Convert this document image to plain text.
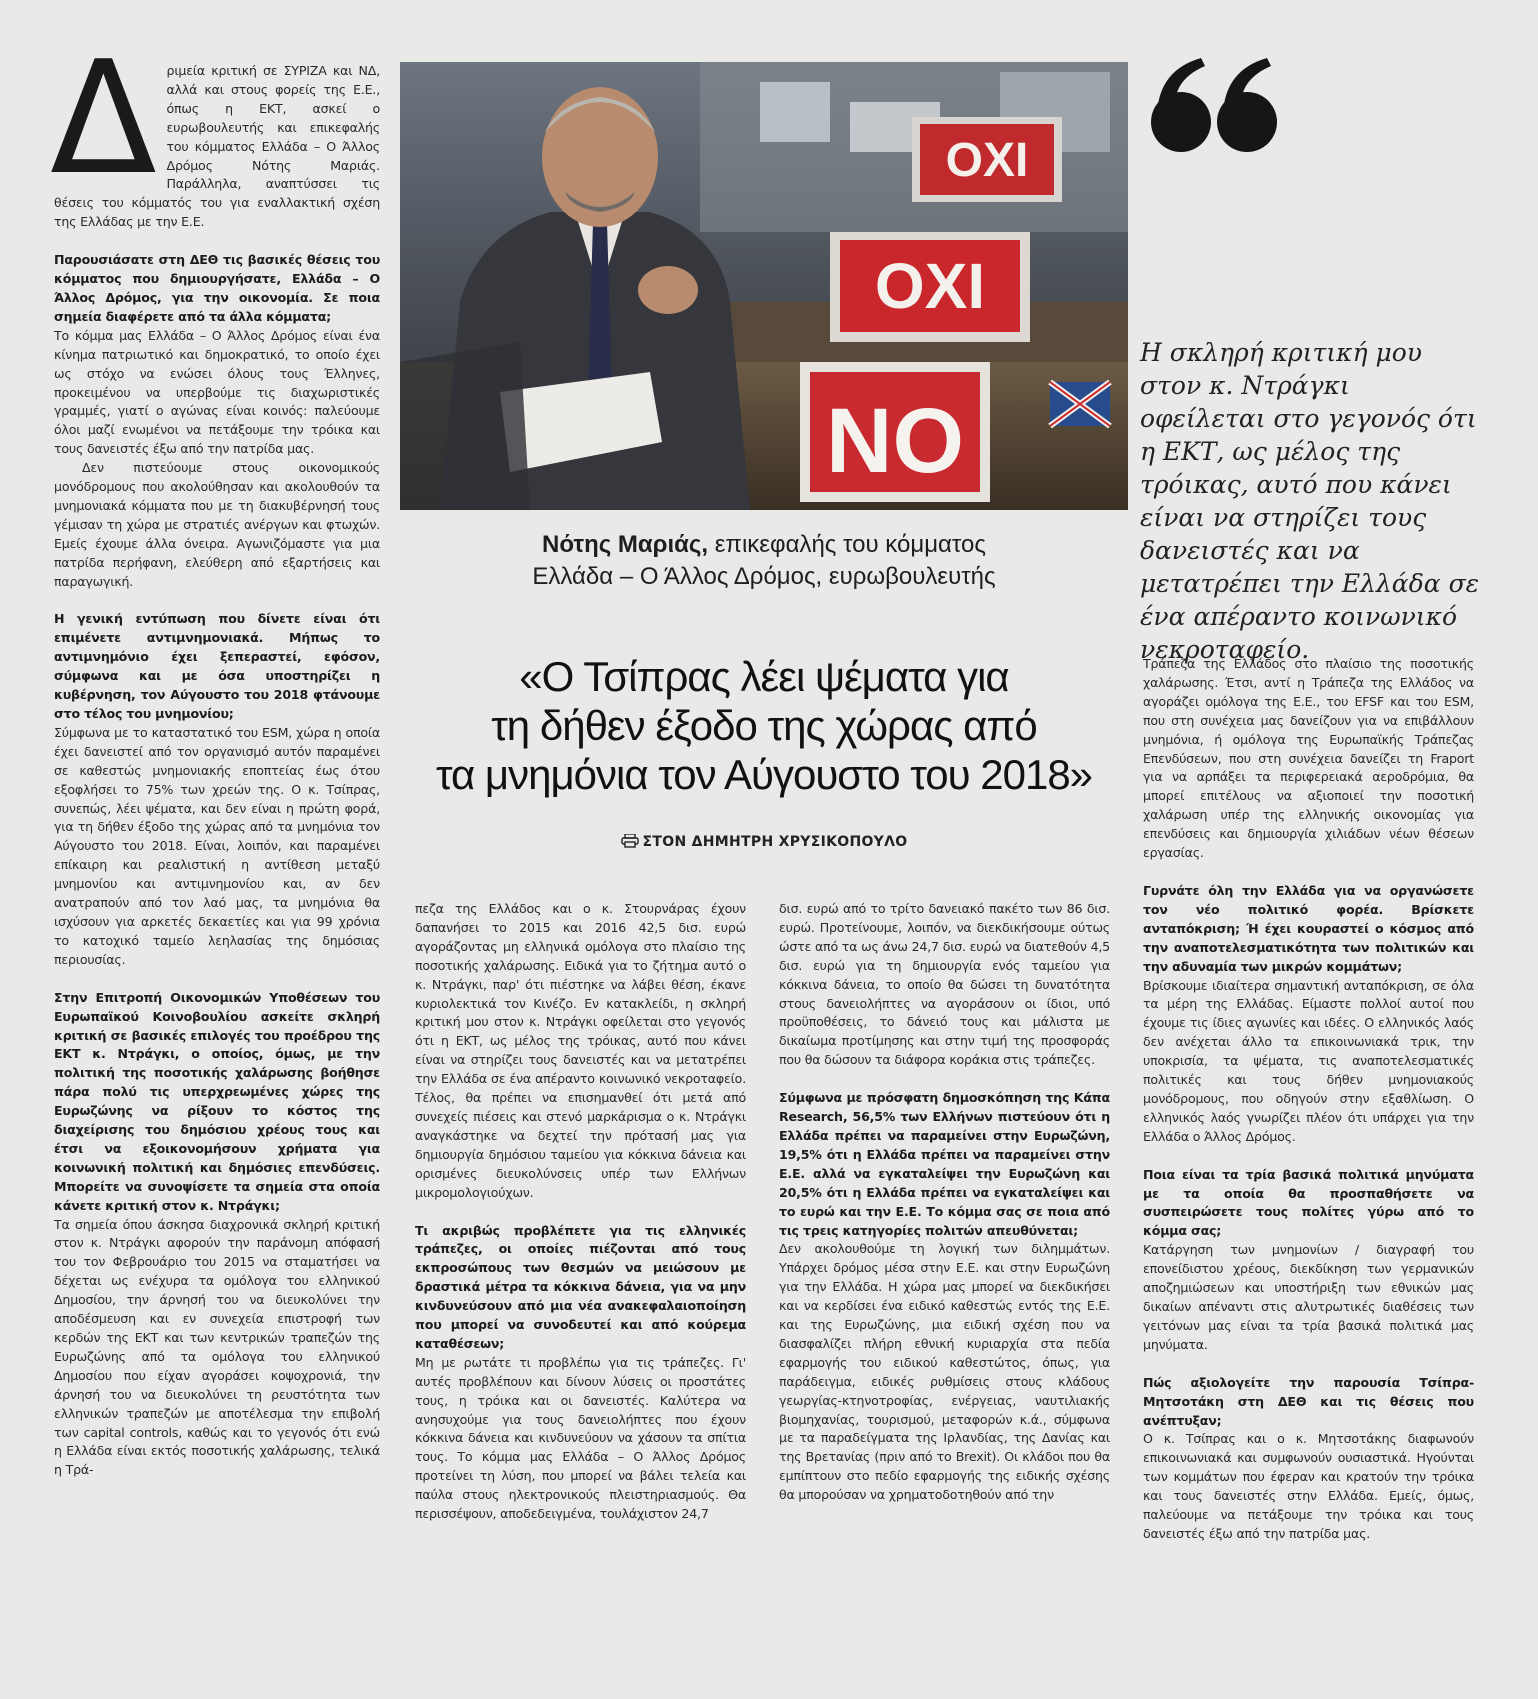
Δ ριμεία κριτική σε ΣΥΡΙΖΑ και ΝΔ, αλλά και στους φορείς της Ε.Ε., όπως η ΕΚΤ, ασκεί ο ευρωβουλευτής και επικεφαλής του κόμματος Ελλάδα – Ο Άλλος Δρόμος Νότης Μαριάς. Παράλληλα, αναπτύσσει τις θέσεις του κόμματός του για εναλλακτική σχέση της Ελλάδας με την Ε.Ε.

Παρουσιάσατε στη ΔΕΘ τις βασικές θέσεις του κόμματος που δημιουργήσατε, Ελλάδα – Ο Άλλος Δρόμος, για την οικονομία. Σε ποια σημεία διαφέρετε από τα άλλα κόμματα;

Το κόμμα μας Ελλάδα – Ο Άλλος Δρόμος είναι ένα κίνημα πατριωτικό και δημοκρατικό, το οποίο έχει ως στόχο να ενώσει όλους τους Έλληνες, προκειμένου να υπερβούμε τις διαχωριστικές γραμμές, γιατί ο αγώνας είναι κοινός: παλεύουμε όλοι μαζί ενωμένοι να πετάξουμε την τρόικα και τους δανειστές έξω από την πατρίδα μας.

Δεν πιστεύουμε στους οικονομικούς μονόδρομους που ακολούθησαν και ακολουθούν τα μνημονιακά κόμματα που με τη διακυβέρνησή τους γέμισαν τη χώρα με στρατιές ανέργων και φτωχών. Εμείς έχουμε άλλα όνειρα. Αγωνιζόμαστε για μια πατρίδα περήφανη, ελεύθερη από εξαρτήσεις και παραγωγική.

Η γενική εντύπωση που δίνετε είναι ότι επιμένετε αντιμνημονιακά. Μήπως το αντιμνημόνιο έχει ξεπεραστεί, εφόσον, σύμφωνα και με όσα υποστηρίζει η κυβέρνηση, τον Αύγουστο του 2018 φτάνουμε στο τέλος του μνημονίου;

Σύμφωνα με το καταστατικό του ESM, χώρα η οποία έχει δανειστεί από τον οργανισμό αυτόν παραμένει σε καθεστώς μνημονιακής εποπτείας έως ότου εξοφλήσει το 75% των χρεών της. Ο κ. Τσίπρας, συνεπώς, λέει ψέματα, και δεν είναι η πρώτη φορά, για τη δήθεν έξοδο της χώρας από τα μνημόνια τον Αύγουστο του 2018. Είναι, λοιπόν, και παραμένει επίκαιρη και ρεαλιστική η αντίθεση μεταξύ μνημονίου και αντιμνημονίου και, αν δεν ανατραπούν από τον λαό μας, τα μνημόνια θα ισχύσουν για αρκετές δεκαετίες και για 99 χρόνια το κατοχικό ταμείο λεηλασίας της δημόσιας περιουσίας.

Στην Επιτροπή Οικονομικών Υποθέσεων του Ευρωπαϊκού Κοινοβουλίου ασκείτε σκληρή κριτική σε βασικές επιλογές του προέδρου της ΕΚΤ κ. Ντράγκι, ο οποίος, όμως, με την πολιτική της ποσοτικής χαλάρωσης βοήθησε πάρα πολύ τις υπερχρεωμένες χώρες της Ευρωζώνης να ρίξουν το κόστος της διαχείρισης του δημόσιου χρέους τους και έτσι να εξοικονομήσουν χρήματα για κοινωνική πολιτική και δημόσιες επενδύσεις. Μπορείτε να συνοψίσετε τα σημεία στα οποία κάνετε κριτική στον κ. Ντράγκι;

Τα σημεία όπου άσκησα διαχρονικά σκληρή κριτική στον κ. Ντράγκι αφορούν την παράνομη απόφασή του τον Φεβρουάριο του 2015 να σταματήσει να δέχεται ως ενέχυρα τα ομόλογα του ελληνικού Δημοσίου, την άρνησή του να διευκολύνει την αποδέσμευση και εν συνεχεία επιστροφή των κερδών της ΕΚΤ και των κεντρικών τραπεζών της Ευρωζώνης από τα ομόλογα του ελληνικού Δημοσίου που είχαν αγοράσει κοψοχρονιά, την άρνησή του να διευκολύνει τη ρευστότητα των ελληνικών τραπεζών με αποτέλεσμα την επιβολή των capital controls, καθώς και το γεγονός ότι ενώ η Ελλάδα είναι εκτός ποσοτικής χαλάρωσης, τελικά η Τρά-

OXI
OXI
NO
Νότης Μαριάς, επικεφαλής του κόμματος
Ελλάδα – Ο Άλλος Δρόμος, ευρωβουλευτής
«Ο Τσίπρας λέει ψέματα για
τη δήθεν έξοδο της χώρας από
τα μνημόνια τον Αύγουστο του 2018»
ΣΤΟΝ ΔΗΜΗΤΡΗ ΧΡΥΣΙΚΟΠΟΥΛΟ

πεζα της Ελλάδος και ο κ. Στουρνάρας έχουν δαπανήσει το 2015 και 2016 42,5 δισ. ευρώ αγοράζοντας μη ελληνικά ομόλογα στο πλαίσιο της ποσοτικής χαλάρωσης. Ειδικά για το ζήτημα αυτό ο κ. Ντράγκι, παρ' ότι πιέστηκε να λάβει θέση, έκανε κυριολεκτικά τον Κινέζο. Εν κατακλείδι, η σκληρή κριτική μου στον κ. Ντράγκι οφείλεται στο γεγονός ότι η ΕΚΤ, ως μέλος της τρόικας, αυτό που κάνει είναι να στηρίζει τους δανειστές και να μετατρέπει την Ελλάδα σε ένα απέραντο κοινωνικό νεκροταφείο. Τέλος, θα πρέπει να επισημανθεί ότι μετά από συνεχείς πιέσεις και στενό μαρκάρισμα ο κ. Ντράγκι αναγκάστηκε να δεχτεί την πρότασή μας για δημιουργία δημόσιου ταμείου για κόκκινα δάνεια και ορισμένες διευκολύνσεις υπέρ των Ελλήνων μικρομολογιούχων.

Τι ακριβώς προβλέπετε για τις ελληνικές τράπεζες, οι οποίες πιέζονται από τους εκπροσώπους των θεσμών να μειώσουν με δραστικά μέτρα τα κόκκινα δάνεια, για να μην κινδυνεύσουν από μια νέα ανακεφαλαιοποίηση που μπορεί να συνοδευτεί και από κούρεμα καταθέσεων;

Μη με ρωτάτε τι προβλέπω για τις τράπεζες. Γι' αυτές προβλέπουν και δίνουν λύσεις οι προστάτες τους, η τρόικα και οι δανειστές. Καλύτερα να ανησυχούμε για τους δανειολήπτες που έχουν κόκκινα δάνεια και κινδυνεύουν να χάσουν τα σπίτια τους. Το κόμμα μας Ελλάδα – Ο Άλλος Δρόμος προτείνει τη λύση, που μπορεί να βάλει τελεία και παύλα στους ηλεκτρονικούς πλειστηριασμούς. Θα περισσέψουν, αποδεδειγμένα, τουλάχιστον 24,7

δισ. ευρώ από το τρίτο δανειακό πακέτο των 86 δισ. ευρώ. Προτείνουμε, λοιπόν, να διεκδικήσουμε ούτως ώστε από τα ως άνω 24,7 δισ. ευρώ να διατεθούν 4,5 δισ. ευρώ για τη δημιουργία ενός ταμείου για κόκκινα δάνεια, το οποίο θα δώσει τη δυνατότητα στους δανειολήπτες να αγοράσουν οι ίδιοι, υπό προϋποθέσεις, το δάνειό τους και μάλιστα με δικαίωμα προτίμησης και στην τιμή της προσφοράς που θα δώσουν τα διάφορα κοράκια στις τράπεζες.

Σύμφωνα με πρόσφατη δημοσκόπηση της Κάπα Research, 56,5% των Ελλήνων πιστεύουν ότι η Ελλάδα πρέπει να παραμείνει στην Ευρωζώνη, 19,5% ότι η Ελλάδα πρέπει να παραμείνει στην Ε.Ε. αλλά να εγκαταλείψει την Ευρωζώνη και 20,5% ότι η Ελλάδα πρέπει να εγκαταλείψει και το ευρώ και την Ε.Ε. Το κόμμα σας σε ποια από τις τρεις κατηγορίες πολιτών απευθύνεται;

Δεν ακολουθούμε τη λογική των διλημμάτων. Υπάρχει δρόμος μέσα στην Ε.Ε. και στην Ευρωζώνη για την Ελλάδα. Η χώρα μας μπορεί να διεκδικήσει και να κερδίσει ένα ειδικό καθεστώς εντός της Ε.Ε. και της Ευρωζώνης, μια ειδική σχέση που να διασφαλίζει πλήρη εθνική κυριαρχία στα πεδία εφαρμογής του ειδικού καθεστώτος, όπως, για παράδειγμα, ειδικές ρυθμίσεις στους κλάδους γεωργίας-κτηνοτροφίας, ενέργειας, ναυτιλιακής βιομηχανίας, τουρισμού, μεταφορών κ.ά., σύμφωνα με τα παραδείγματα της Ιρλανδίας, της Δανίας και της Βρετανίας (πριν από το Brexit). Οι κλάδοι που θα εμπίπτουν στο πεδίο εφαρμογής της ειδικής σχέσης θα μπορούσαν να χρηματοδοτηθούν από την

Η σκληρή κριτική μου στον κ. Ντράγκι οφείλεται στο γεγονός ότι η ΕΚΤ, ως μέλος της τρόικας, αυτό που κάνει είναι να στηρίζει τους δανειστές και να μετατρέπει την Ελλάδα σε ένα απέραντο κοινωνικό νεκροταφείο.

Τράπεζα της Ελλάδος στο πλαίσιο της ποσοτικής χαλάρωσης. Έτσι, αντί η Τράπεζα της Ελλάδος να αγοράζει ομόλογα της Ε.Ε., του EFSF και του ESM, που στη συνέχεια μας δανείζουν για να επιβάλλουν μνημόνια, ή ομόλογα της Ευρωπαϊκής Τράπεζας Επενδύσεων, που στη συνέχεια δανείζει τη Fraport για να αρπάξει τα περιφερειακά αεροδρόμια, θα μπορεί επιτέλους να αξιοποιεί την ποσοτική χαλάρωση υπέρ της ελληνικής οικονομίας για επενδύσεις και δημιουργία χιλιάδων νέων θέσεων εργασίας.

Γυρνάτε όλη την Ελλάδα για να οργανώσετε τον νέο πολιτικό φορέα. Βρίσκετε ανταπόκριση; Ή έχει κουραστεί ο κόσμος από την αναποτελεσματικότητα των πολιτικών και την αδυναμία των μικρών κομμάτων;

Βρίσκουμε ιδιαίτερα σημαντική ανταπόκριση, σε όλα τα μέρη της Ελλάδας. Είμαστε πολλοί αυτοί που έχουμε τις ίδιες αγωνίες και ιδέες. Ο ελληνικός λαός δεν ανέχεται άλλο τα επικοινωνιακά τρικ, την υποκρισία, τα ψέματα, τις αναποτελεσματικές πολιτικές και τους δήθεν μνημονιακούς μονόδρομους, που οδηγούν στην εξαθλίωση. Ο ελληνικός λαός γνωρίζει πλέον ότι υπάρχει για την Ελλάδα ο Άλλος Δρόμος.

Ποια είναι τα τρία βασικά πολιτικά μηνύματα με τα οποία θα προσπαθήσετε να συσπειρώσετε τους πολίτες γύρω από το κόμμα σας;

Κατάργηση των μνημονίων / διαγραφή του επονείδιστου χρέους, διεκδίκηση των γερμανικών αποζημιώσεων και υποστήριξη των εθνικών μας δικαίων απέναντι στις αλυτρωτικές διαθέσεις των γειτόνων μας είναι τα τρία βασικά πολιτικά μας μηνύματα.

Πώς αξιολογείτε την παρουσία Τσίπρα-Μητσοτάκη στη ΔΕΘ και τις θέσεις που ανέπτυξαν;

Ο κ. Τσίπρας και ο κ. Μητσοτάκης διαφωνούν επικοινωνιακά και συμφωνούν ουσιαστικά. Ηγούνται των κομμάτων που έφεραν και κρατούν την τρόικα και τους δανειστές στην Ελλάδα. Εμείς, όμως, παλεύουμε να πετάξουμε την τρόικα και τους δανειστές έξω από την πατρίδα μας.
